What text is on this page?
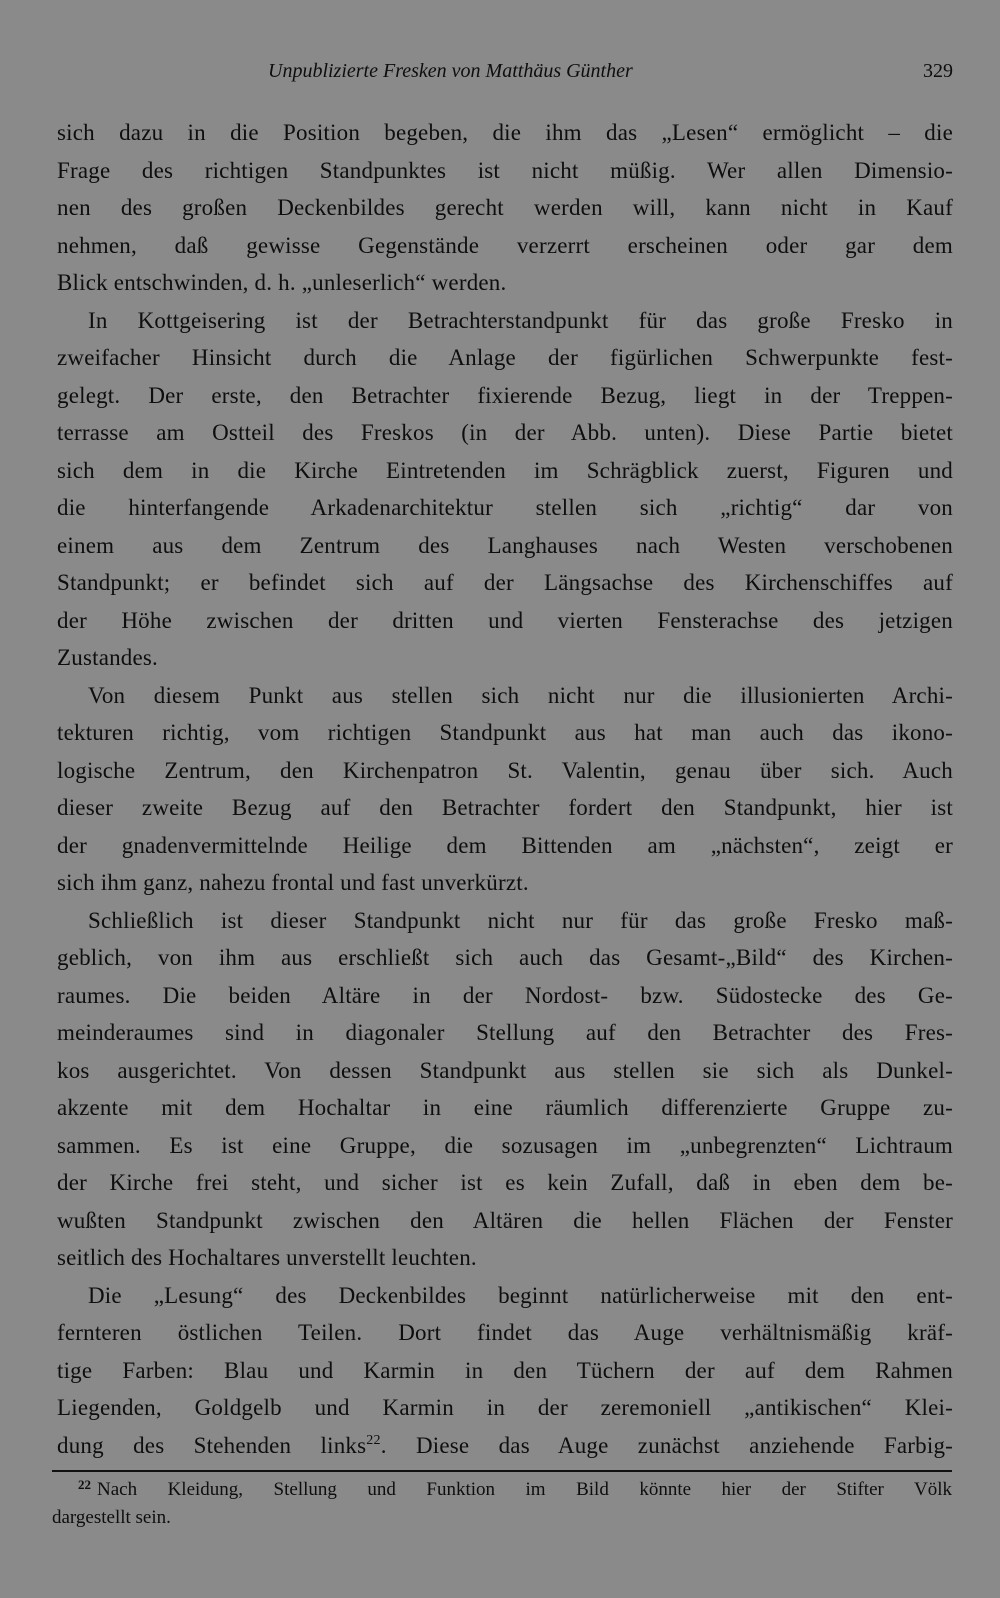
Unpublizierte Fresken von Matthäus Günther	329
sich dazu in die Position begeben, die ihm das „Lesen“ ermöglicht – die
Frage des richtigen Standpunktes ist nicht müßig. Wer allen Dimensio-
nen des großen Deckenbildes gerecht werden will, kann nicht in Kauf
nehmen, daß gewisse Gegenstände verzerrt erscheinen oder gar dem
Blick entschwinden, d. h. „unleserlich“ werden.
In Kottgeisering ist der Betrachterstandpunkt für das große Fresko in
zweifacher Hinsicht durch die Anlage der figürlichen Schwerpunkte fest-
gelegt. Der erste, den Betrachter fixierende Bezug, liegt in der Treppen-
terrasse am Ostteil des Freskos (in der Abb. unten). Diese Partie bietet
sich dem in die Kirche Eintretenden im Schrägblick zuerst, Figuren und
die hinterfangende Arkadenarchitektur stellen sich „richtig“ dar von
einem aus dem Zentrum des Langhauses nach Westen verschobenen
Standpunkt; er befindet sich auf der Längsachse des Kirchenschiffes auf
der Höhe zwischen der dritten und vierten Fensterachse des jetzigen
Zustandes.
Von diesem Punkt aus stellen sich nicht nur die illusionierten Archi-
tekturen richtig, vom richtigen Standpunkt aus hat man auch das ikono-
logische Zentrum, den Kirchenpatron St. Valentin, genau über sich. Auch
dieser zweite Bezug auf den Betrachter fordert den Standpunkt, hier ist
der gnadenvermittelnde Heilige dem Bittenden am „nächsten“, zeigt er
sich ihm ganz, nahezu frontal und fast unverkürzt.
Schließlich ist dieser Standpunkt nicht nur für das große Fresko maß-
geblich, von ihm aus erschließt sich auch das Gesamt-„Bild“ des Kirchen-
raumes. Die beiden Altäre in der Nordost- bzw. Südostecke des Ge-
meinderaumes sind in diagonaler Stellung auf den Betrachter des Fres-
kos ausgerichtet. Von dessen Standpunkt aus stellen sie sich als Dunkel-
akzente mit dem Hochaltar in eine räumlich differenzierte Gruppe zu-
sammen. Es ist eine Gruppe, die sozusagen im „unbegrenzten“ Lichtraum
der Kirche frei steht, und sicher ist es kein Zufall, daß in eben dem be-
wußten Standpunkt zwischen den Altären die hellen Flächen der Fenster
seitlich des Hochaltares unverstellt leuchten.
Die „Lesung“ des Deckenbildes beginnt natürlicherweise mit den ent-
fernteren östlichen Teilen. Dort findet das Auge verhältnismäßig kräf-
tige Farben: Blau und Karmin in den Tüchern der auf dem Rahmen
Liegenden, Goldgelb und Karmin in der zeremoniell „antikischen“ Klei-
dung des Stehenden links$^{22}$. Diese das Auge zunächst anziehende Farbig-
$^{22}$ Nach Kleidung, Stellung und Funktion im Bild könnte hier der Stifter Völk
dargestellt sein.
